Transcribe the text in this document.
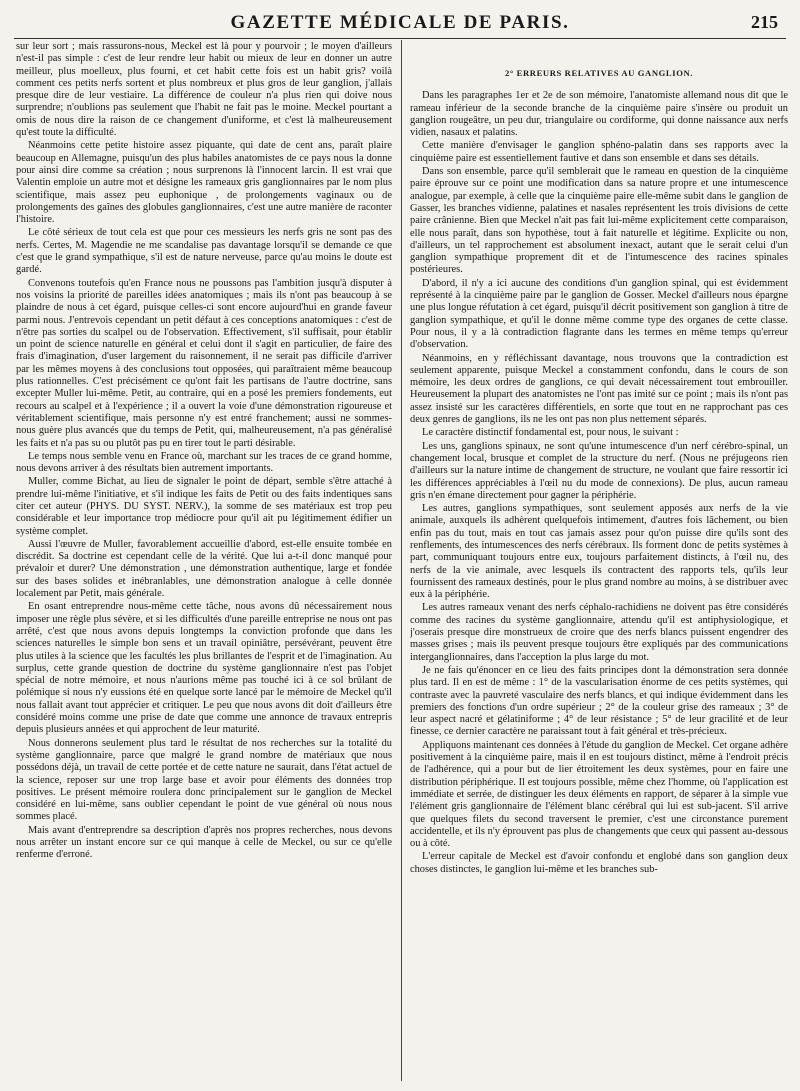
GAZETTE MÉDICALE DE PARIS.	215

sur leur sort ; mais rassurons-nous, Meckel est là pour y pourvoir ; le moyen d'ailleurs n'est-il pas simple : c'est de leur rendre leur habit ou mieux de leur en donner un autre meilleur, plus moelleux, plus fourni, et cet habit cette fois est un habit gris? voilà comment ces petits nerfs sortent et plus nombreux et plus gros de leur ganglion, j'allais presque dire de leur vestiaire. La différence de couleur n'a plus rien qui doive nous surprendre; n'oublions pas seulement que l'habit ne fait pas le moine. Meckel pourtant a omis de nous dire la raison de ce changement d'uniforme, et c'est là malheureusement qu'est toute la difficulté.

Néanmoins cette petite histoire assez piquante, qui date de cent ans, paraît plaire beaucoup en Allemagne, puisqu'un des plus habiles anatomistes de ce pays nous la donne pour ainsi dire comme sa création ; nous surprenons là l'innocent larcin. Il est vrai que Valentin emploie un autre mot et désigne les rameaux gris ganglionnaires par le nom plus scientifique, mais assez peu euphonique , de prolongements vaginaux ou de prolongements des gaînes des globules ganglionnaires, c'est une autre manière de raconter l'histoire.

Le côté sérieux de tout cela est que pour ces messieurs les nerfs gris ne sont pas des nerfs. Certes, M. Magendie ne me scandalise pas davantage lorsqu'il se demande ce que c'est que le grand sympathique, s'il est de nature nerveuse, parce qu'au moins le doute est gardé.

Convenons toutefois qu'en France nous ne poussons pas l'ambition jusqu'à disputer à nos voisins la priorité de pareilles idées anatomiques ; mais ils n'ont pas beaucoup à se plaindre de nous à cet égard, puisque celles-ci sont encore aujourd'hui en grande faveur parmi nous. J'entrevois cependant un petit défaut à ces conceptions anatomiques : c'est de n'être pas sorties du scalpel ou de l'observation. Effectivement, s'il suffisait, pour établir un point de science naturelle en général et celui dont il s'agit en particulier, de faire des frais d'imagination, d'user largement du raisonnement, il ne serait pas difficile d'arriver par les mêmes moyens à des conclusions tout opposées, qui paraîtraient même beaucoup plus rationnelles. C'est précisément ce qu'ont fait les partisans de l'autre doctrine, sans excepter Muller lui-même. Petit, au contraire, qui en a posé les premiers fondements, eut recours au scalpel et à l'expérience ; il a ouvert la voie d'une démonstration rigoureuse et véritablement scientifique, mais personne n'y est entré franchement; aussi ne sommes-nous guère plus avancés que du temps de Petit, qui, malheureusement, n'a pas généralisé les faits et n'a pas su ou plutôt pas pu en tirer tout le parti désirable.

Le temps nous semble venu en France où, marchant sur les traces de ce grand homme, nous devons arriver à des résultats bien autrement importants.

Muller, comme Bichat, au lieu de signaler le point de départ, semble s'être attaché à prendre lui-même l'initiative, et s'il indique les faits de Petit ou des faits indentiques sans citer cet auteur (PHYS. DU SYST. NERV.), la somme de ses matériaux est trop peu considérable et leur importance trop médiocre pour qu'il ait pu légitimement édifier un système complet.

Aussi l'œuvre de Muller, favorablement accueillie d'abord, est-elle ensuite tombée en discrédit. Sa doctrine est cependant celle de la vérité. Que lui a-t-il donc manqué pour prévaloir et durer? Une démonstration , une démonstration authentique, large et fondée sur des bases solides et inébranlables, une démonstration analogue à celle donnée localement par Petit, mais générale.

En osant entreprendre nous-même cette tâche, nous avons dû nécessairement nous imposer une règle plus sévère, et si les difficultés d'une pareille entreprise ne nous ont pas arrêté, c'est que nous avons depuis longtemps la conviction profonde que dans les sciences naturelles le simple bon sens et un travail opiniâtre, persévérant, peuvent être plus utiles à la science que les facultés les plus brillantes de l'esprit et de l'imagination. Au surplus, cette grande question de doctrine du système ganglionnaire n'est pas l'objet spécial de notre mémoire, et nous n'aurions même pas touché ici à ce sol brûlant de polémique si nous n'y eussions été en quelque sorte lancé par le mémoire de Meckel qu'il nous fallait avant tout apprécier et critiquer. Le peu que nous avons dit doit d'ailleurs être considéré moins comme une prise de date que comme une annonce de travaux entrepris depuis plusieurs années et qui approchent de leur maturité.

Nous donnerons seulement plus tard le résultat de nos recherches sur la totalité du système ganglionnaire, parce que malgré le grand nombre de matériaux que nous possédons déjà, un travail de cette portée et de cette nature ne saurait, dans l'état actuel de la science, reposer sur une trop large base et avoir pour éléments des données trop positives. Le présent mémoire roulera donc principalement sur le ganglion de Meckel considéré en lui-même, sans oublier cependant le point de vue général où nous nous sommes placé.

Mais avant d'entreprendre sa description d'après nos propres recherches, nous devons nous arrêter un instant encore sur ce qui manque à celle de Meckel, ou sur ce qu'elle renferme d'erroné.

2° ERREURS RELATIVES AU GANGLION.

Dans les paragraphes 1er et 2e de son mémoire, l'anatomiste allemand nous dit que le rameau inférieur de la seconde branche de la cinquième paire s'insère ou produit un ganglion rougeâtre, un peu dur, triangulaire ou cordiforme, qui donne naissance aux nerfs vidien, nasaux et palatins.

Cette manière d'envisager le ganglion sphéno-palatin dans ses rapports avec la cinquième paire est essentiellement fautive et dans son ensemble et dans ses détails.

Dans son ensemble, parce qu'il semblerait que le rameau en question de la cinquième paire éprouve sur ce point une modification dans sa nature propre et une intumescence analogue, par exemple, à celle que la cinquième paire elle-même subit dans le ganglion de Gasser, les branches vidienne, palatines et nasales représentent les trois divisions de cette paire crânienne. Bien que Meckel n'ait pas fait lui-même explicitement cette comparaison, elle nous paraît, dans son hypothèse, tout à fait naturelle et légitime. Explicite ou non, d'ailleurs, un tel rapprochement est absolument inexact, autant que le serait celui d'un ganglion sympathique proprement dit et de l'intumescence des racines spinales postérieures.

D'abord, il n'y a ici aucune des conditions d'un ganglion spinal, qui est évidemment représenté à la cinquième paire par le ganglion de Gosser. Meckel d'ailleurs nous épargne une plus longue réfutation à cet égard, puisqu'il décrit positivement son ganglion à titre de ganglion sympathique, et qu'il le donne même comme type des organes de cette classe. Pour nous, il y a là contradiction flagrante dans les termes en même temps qu'erreur d'observation.

Néanmoins, en y réfléchissant davantage, nous trouvons que la contradiction est seulement apparente, puisque Meckel a constamment confondu, dans le cours de son mémoire, les deux ordres de ganglions, ce qui devait nécessairement tout embrouiller. Heureusement la plupart des anatomistes ne l'ont pas imité sur ce point ; mais ils n'ont pas assez insisté sur les caractères différentiels, en sorte que tout en ne rapprochant pas ces deux genres de ganglions, ils ne les ont pas non plus nettement séparés.

Le caractère distinctif fondamental est, pour nous, le suivant :

Les uns, ganglions spinaux, ne sont qu'une intumescence d'un nerf cérébro-spinal, un changement local, brusque et complet de la structure du nerf. (Nous ne préjugeons rien d'ailleurs sur la nature intime de changement de structure, ne voulant que faire ressortir ici les différences appréciables à l'œil nu du mode de connexions). De plus, aucun rameau gris n'en émane directement pour gagner la périphérie.

Les autres, ganglions sympathiques, sont seulement apposés aux nerfs de la vie animale, auxquels ils adhèrent quelquefois intimement, d'autres fois lâchement, ou bien enfin pas du tout, mais en tout cas jamais assez pour qu'on puisse dire qu'ils sont des renflements, des intumescences des nerfs cérébraux. Ils forment donc de petits systèmes à part, communiquant toujours entre eux, toujours parfaitement distincts, à l'œil nu, des nerfs de la vie animale, avec lesquels ils contractent des rapports tels, qu'ils leur fournissent des rameaux destinés, pour le plus grand nombre au moins, à se distribuer avec eux à la périphérie.

Les autres rameaux venant des nerfs céphalo-rachidiens ne doivent pas être considérés comme des racines du système ganglionnaire, attendu qu'il est antiphysiologique, et j'oserais presque dire monstrueux de croire que des nerfs blancs puissent engendrer des masses grises ; mais ils peuvent presque toujours être expliqués par des communications interganglionnaires, dans l'acception la plus large du mot.

Je ne fais qu'énoncer en ce lieu des faits principes dont la démonstration sera donnée plus tard. Il en est de même : 1° de la vascularisation énorme de ces petits systèmes, qui contraste avec la pauvreté vasculaire des nerfs blancs, et qui indique évidemment dans les premiers des fonctions d'un ordre supérieur ; 2° de la couleur grise des rameaux ; 3° de leur aspect nacré et gélatiniforme ; 4° de leur résistance ; 5° de leur gracilité et de leur finesse, ce dernier caractère ne paraissant tout à fait général et très-précieux.

Appliquons maintenant ces données à l'étude du ganglion de Meckel. Cet organe adhère positivement à la cinquième paire, mais il en est toujours distinct, même à l'endroit précis de l'adhérence, qui a pour but de lier étroitement les deux systèmes, pour en faire une distribution périphérique. Il est toujours possible, même chez l'homme, où l'application est immédiate et serrée, de distinguer les deux éléments en rapport, de séparer à la simple vue l'élément gris ganglionnaire de l'élément blanc cérébral qui lui est sub-jacent. S'il arrive que quelques filets du second traversent le premier, c'est une circonstance purement accidentelle, et ils n'y éprouvent pas plus de changements que ceux qui passent au-dessous ou à côté.

L'erreur capitale de Meckel est d'avoir confondu et englobé dans son ganglion deux choses distinctes, le ganglion lui-même et les branches sub-
